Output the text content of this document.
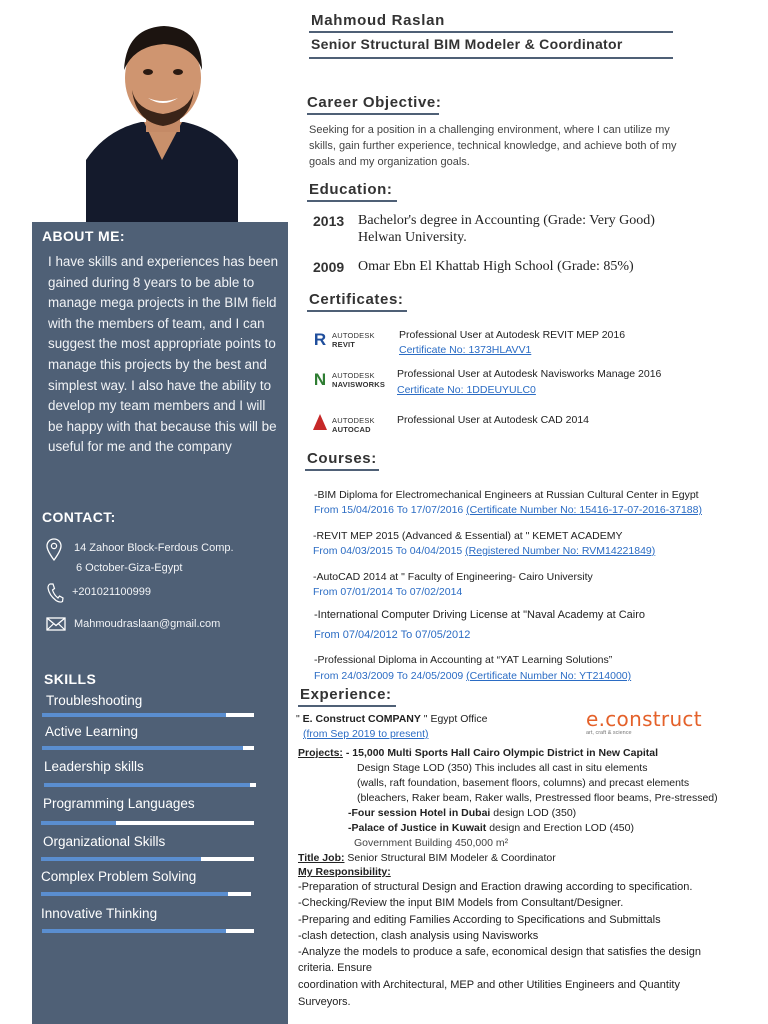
ABOUT ME:
I have skills and experiences has been gained during 8 years to be able to manage mega projects in the BIM field with the members of team, and I can suggest the most appropriate points to manage this projects by the best and simplest way. I also have the ability to develop my team members and I will be happy with that because this will be useful for me and the company
CONTACT:
14 Zahoor Block-Ferdous Comp.
6 October-Giza-Egypt
+201021100999
Mahmoudraslaan@gmail.com
SKILLS
Troubleshooting
Active Learning
Leadership skills
Programming Languages
Organizational Skills
Complex Problem Solving
Innovative Thinking
Mahmoud Raslan
Senior Structural BIM Modeler & Coordinator
Career Objective:
Seeking for a position in a challenging environment, where I can utilize my skills, gain further experience, technical knowledge, and achieve both of my goals and my organization goals.
Education:
2013 Bachelor's degree in Accounting (Grade: Very Good)
Helwan University.
2009 Omar Ebn El Khattab High School (Grade: 85%)
Certificates:
R AUTODESK
REVIT
Professional User at Autodesk REVIT MEP 2016
Certificate No: 1373HLAVV1
N AUTODESK
NAVISWORKS
Professional User at Autodesk Navisworks Manage 2016
Certificate No: 1DDEUYULC0
AUTODESK
AUTOCAD
Professional User at Autodesk CAD 2014
Courses:
-BIM Diploma for Electromechanical Engineers at Russian Cultural Center in Egypt
From 15/04/2016 To 17/07/2016 (Certificate Number No: 15416-17-07-2016-37188)
-REVIT MEP 2015 (Advanced & Essential) at " KEMET ACADEMY
From 04/03/2015 To 04/04/2015 (Registered Number No: RVM14221849)
-AutoCAD 2014 at " Faculty of Engineering- Cairo University
From 07/01/2014 To 07/02/2014
-International Computer Driving License at "Naval Academy at Cairo
From 07/04/2012 To 07/05/2012
-Professional Diploma in Accounting at “YAT Learning Solutions”
From 24/03/2009 To 24/05/2009 (Certificate Number No: YT214000)
Experience:
e.construct
art, craft & science
" E. Construct COMPANY " Egypt Office
(from Sep 2019 to present)
Projects: - 15,000 Multi Sports Hall Cairo Olympic District in New Capital
Design Stage LOD (350) This includes all cast in situ elements
(walls, raft foundation, basement floors, columns) and precast elements
(bleachers, Raker beam, Raker walls, Prestressed floor beams, Pre-stressed)
-Four session Hotel in Dubai design LOD (350)
-Palace of Justice in Kuwait design and Erection LOD (450)
Government Building 450,000 m²
Title Job: Senior Structural BIM Modeler & Coordinator
My Responsibility:
-Preparation of structural Design and Eraction drawing according to specification.
-Checking/Review the input BIM Models from Consultant/Designer.
-Preparing and editing Families According to Specifications and Submittals
-clash detection, clash analysis using Navisworks
-Analyze the models to produce a safe, economical design that satisfies the design
criteria. Ensure
coordination with Architectural, MEP and other Utilities Engineers and Quantity
Surveyors.
